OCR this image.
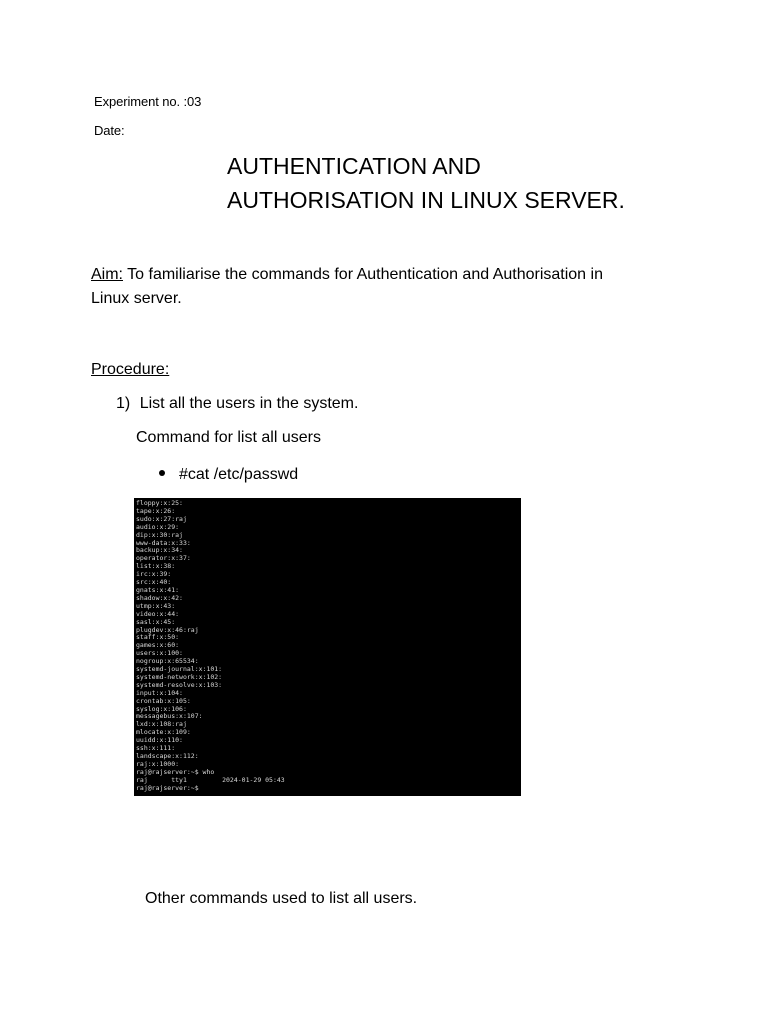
Experiment no. :03
Date:
AUTHENTICATION AND
AUTHORISATION IN LINUX SERVER.
Aim: To familiarise the commands for Authentication and Authorisation in
Linux server.
Procedure:
1) List all the users in the system.
Command for list all users
#cat /etc/passwd
floppy:x:25:
tape:x:26:
sudo:x:27:raj
audio:x:29:
dip:x:30:raj
www-data:x:33:
backup:x:34:
operator:x:37:
list:x:38:
irc:x:39:
src:x:40:
gnats:x:41:
shadow:x:42:
utmp:x:43:
video:x:44:
sasl:x:45:
plugdev:x:46:raj
staff:x:50:
games:x:60:
users:x:100:
nogroup:x:65534:
systemd-journal:x:101:
systemd-network:x:102:
systemd-resolve:x:103:
input:x:104:
crontab:x:105:
syslog:x:106:
messagebus:x:107:
lxd:x:108:raj
mlocate:x:109:
uuidd:x:110:
ssh:x:111:
landscape:x:112:
raj:x:1000:
raj@rajserver:~$ who
raj      tty1         2024-01-29 05:43
raj@rajserver:~$
Other commands used to list all users.
